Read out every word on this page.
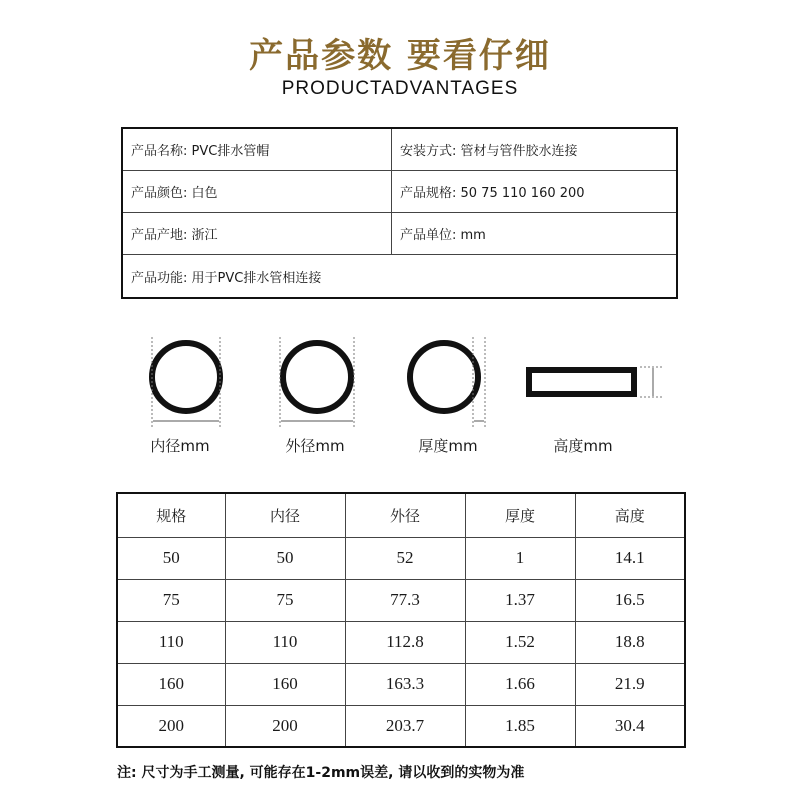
产品参数 要看仔细
PRODUCTADVANTAGES
产品名称: PVC排水管帽	安装方式: 管材与管件胶水连接
产品颜色: 白色	产品规格: 50 75 110 160 200
产品产地: 浙江	产品单位: mm
产品功能: 用于PVC排水管相连接
内径mm	外径mm	厚度mm	高度mm
规格	内径	外径	厚度	高度
50	50	52	1	14.1
75	75	77.3	1.37	16.5
110	110	112.8	1.52	18.8
160	160	163.3	1.66	21.9
200	200	203.7	1.85	30.4
注: 尺寸为手工测量, 可能存在1-2mm误差, 请以收到的实物为准
